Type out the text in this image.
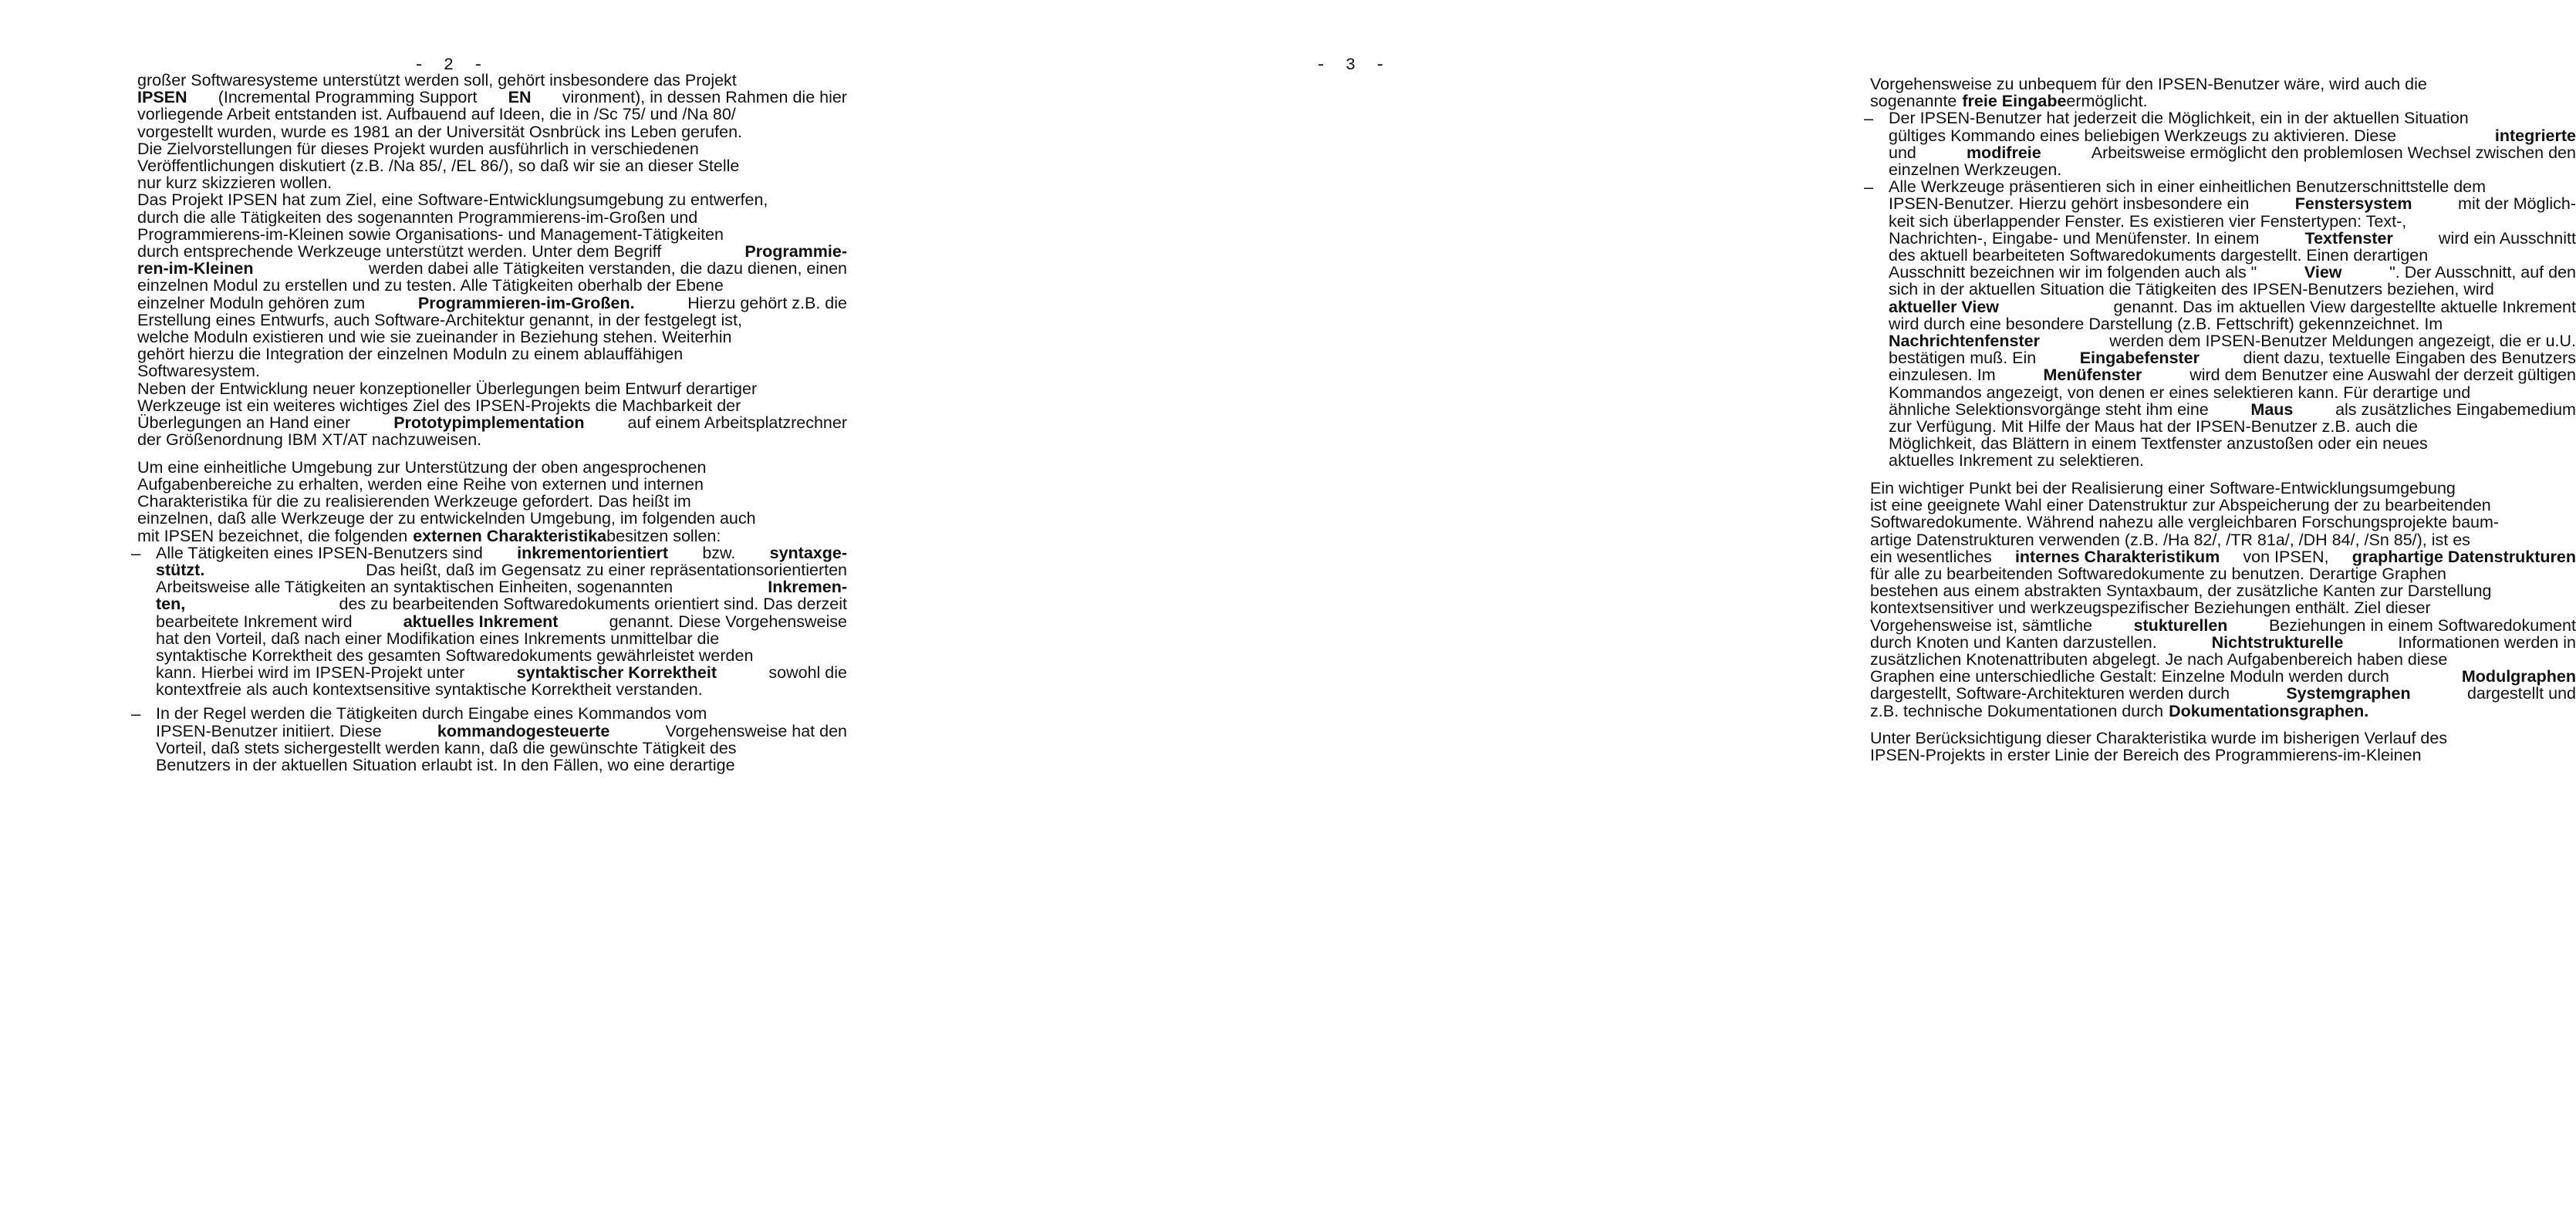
- 2 -
großer Softwaresysteme unterstützt werden soll, gehört insbesondere das Projekt
IPSEN (Incremental Programming Support EN vironment), in dessen Rahmen die hier
vorliegende Arbeit entstanden ist. Aufbauend auf Ideen, die in /Sc 75/ und /Na 80/
vorgestellt wurden, wurde es 1981 an der Universität Osnbrück ins Leben gerufen.
Die Zielvorstellungen für dieses Projekt wurden ausführlich in verschiedenen
Veröffentlichungen diskutiert (z.B. /Na 85/, /EL 86/), so daß wir sie an dieser Stelle
nur kurz skizzieren wollen.
Das Projekt IPSEN hat zum Ziel, eine Software-Entwicklungsumgebung zu entwerfen,
durch die alle Tätigkeiten des sogenannten Programmierens-im-Großen und
Programmierens-im-Kleinen sowie Organisations- und Management-Tätigkeiten
durch entsprechende Werkzeuge unterstützt werden. Unter dem Begriff	Programmie-
ren-im-Kleinen	werden dabei alle Tätigkeiten verstanden, die dazu dienen, einen
einzelnen Modul zu erstellen und zu testen. Alle Tätigkeiten oberhalb der Ebene
einzelner Moduln gehören zum	Programmieren-im-Großen.	Hierzu gehört z.B. die
Erstellung eines Entwurfs, auch Software-Architektur genannt, in der festgelegt ist,
welche Moduln existieren und wie sie zueinander in Beziehung stehen. Weiterhin
gehört hierzu die Integration der einzelnen Moduln zu einem ablauffähigen
Softwaresystem.
Neben der Entwicklung neuer konzeptioneller Überlegungen beim Entwurf derartiger
Werkzeuge ist ein weiteres wichtiges Ziel des IPSEN-Projekts die Machbarkeit der
Überlegungen an Hand einer	Prototypimplementation	auf einem Arbeitsplatzrechner
der Größenordnung IBM XT/AT nachzuweisen.
Um eine einheitliche Umgebung zur Unterstützung der oben angesprochenen
Aufgabenbereiche zu erhalten, werden eine Reihe von externen und internen
Charakteristika für die zu realisierenden Werkzeuge gefordert. Das heißt im
einzelnen, daß alle Werkzeuge der zu entwickelnden Umgebung, im folgenden auch
mit IPSEN bezeichnet, die folgenden externen Charakteristika besitzen sollen:
Alle Tätigkeiten eines IPSEN-Benutzers sind inkrementorientiert bzw. syntaxge-
–
stützt.	Das heißt, daß im Gegensatz zu einer repräsentationsorientierten
Arbeitsweise alle Tätigkeiten an syntaktischen Einheiten, sogenannten	Inkremen-
ten,	des zu bearbeitenden Softwaredokuments orientiert sind. Das derzeit
bearbeitete Inkrement wird	aktuelles Inkrement	genannt. Diese Vorgehensweise
hat den Vorteil, daß nach einer Modifikation eines Inkrements unmittelbar die
syntaktische Korrektheit des gesamten Softwaredokuments gewährleistet werden
kann. Hierbei wird im IPSEN-Projekt unter	syntaktischer Korrektheit	sowohl die
kontextfreie als auch kontextsensitive syntaktische Korrektheit verstanden.
In der Regel werden die Tätigkeiten durch Eingabe eines Kommandos vom
–
IPSEN-Benutzer initiiert. Diese	kommandogesteuerte	Vorgehensweise hat den
Vorteil, daß stets sichergestellt werden kann, daß die gewünschte Tätigkeit des
Benutzers in der aktuellen Situation erlaubt ist. In den Fällen, wo eine derartige
- 3 -
Vorgehensweise zu unbequem für den IPSEN-Benutzer wäre, wird auch die
sogenannte freie Eingabe ermöglicht.
Der IPSEN-Benutzer hat jederzeit die Möglichkeit, ein in der aktuellen Situation
–
gültiges Kommando eines beliebigen Werkzeugs zu aktivieren. Diese	integrierte
und	modifreie	Arbeitsweise ermöglicht den problemlosen Wechsel zwischen den
einzelnen Werkzeugen.
Alle Werkzeuge präsentieren sich in einer einheitlichen Benutzerschnittstelle dem
–
IPSEN-Benutzer. Hierzu gehört insbesondere ein	Fenstersystem	mit der Möglich-
keit sich überlappender Fenster. Es existieren vier Fenstertypen: Text-,
Nachrichten-, Eingabe- und Menüfenster. In einem	Textfenster	wird ein Ausschnitt
des aktuell bearbeiteten Softwaredokuments dargestellt. Einen derartigen
Ausschnitt bezeichnen wir im folgenden auch als "	View	". Der Ausschnitt, auf den
sich in der aktuellen Situation die Tätigkeiten des IPSEN-Benutzers beziehen, wird
aktueller View	genannt. Das im aktuellen View dargestellte aktuelle Inkrement
wird durch eine besondere Darstellung (z.B. Fettschrift) gekennzeichnet. Im
Nachrichtenfenster	werden dem IPSEN-Benutzer Meldungen angezeigt, die er u.U.
bestätigen muß. Ein	Eingabefenster	dient dazu, textuelle Eingaben des Benutzers
einzulesen. Im	Menüfenster	wird dem Benutzer eine Auswahl der derzeit gültigen
Kommandos angezeigt, von denen er eines selektieren kann. Für derartige und
ähnliche Selektionsvorgänge steht ihm eine	Maus	als zusätzliches Eingabemedium
zur Verfügung. Mit Hilfe der Maus hat der IPSEN-Benutzer z.B. auch die
Möglichkeit, das Blättern in einem Textfenster anzustoßen oder ein neues
aktuelles Inkrement zu selektieren.
Ein wichtiger Punkt bei der Realisierung einer Software-Entwicklungsumgebung
ist eine geeignete Wahl einer Datenstruktur zur Abspeicherung der zu bearbeitenden
Softwaredokumente. Während nahezu alle vergleichbaren Forschungsprojekte baum-
artige Datenstrukturen verwenden (z.B. /Ha 82/, /TR 81a/, /DH 84/, /Sn 85/), ist es
ein wesentliches internes Charakteristikum von IPSEN, graphartige Datenstrukturen
für alle zu bearbeitenden Softwaredokumente zu benutzen. Derartige Graphen
bestehen aus einem abstrakten Syntaxbaum, der zusätzliche Kanten zur Darstellung
kontextsensitiver und werkzeugspezifischer Beziehungen enthält. Ziel dieser
Vorgehensweise ist, sämtliche stukturellen Beziehungen in einem Softwaredokument
durch Knoten und Kanten darzustellen.	Nichtstrukturelle	Informationen werden in
zusätzlichen Knotenattributen abgelegt. Je nach Aufgabenbereich haben diese
Graphen eine unterschiedliche Gestalt: Einzelne Moduln werden durch	Modulgraphen
dargestellt, Software-Architekturen werden durch	Systemgraphen	dargestellt und
z.B. technische Dokumentationen durch Dokumentationsgraphen.
Unter Berücksichtigung dieser Charakteristika wurde im bisherigen Verlauf des
IPSEN-Projekts in erster Linie der Bereich des Programmierens-im-Kleinen
